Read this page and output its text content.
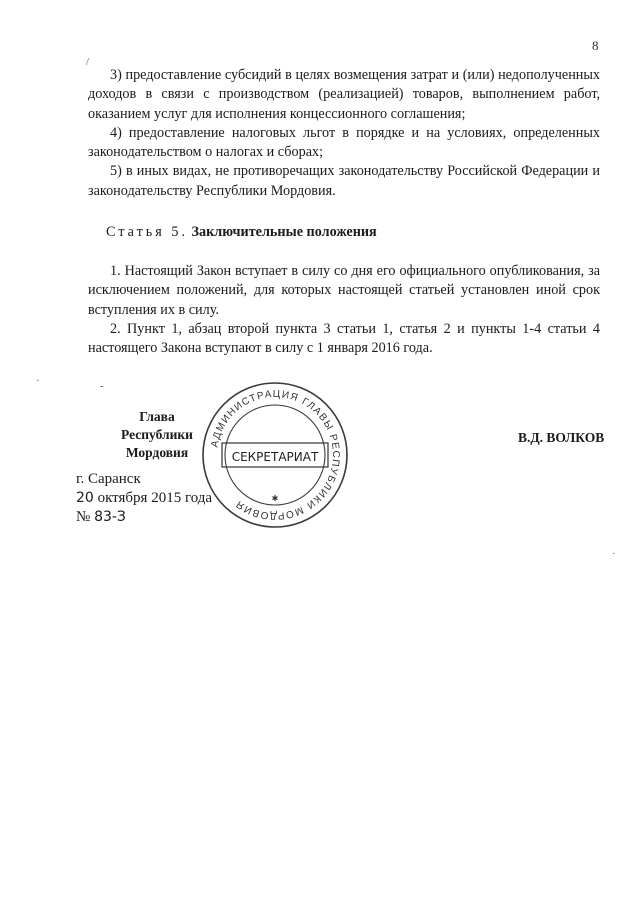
8
/

3) предоставление субсидий в целях возмещения затрат и (или) недополученных доходов в связи с производством (реализацией) товаров, выполнением работ, оказанием услуг для исполнения концессионного соглашения;

4) предоставление налоговых льгот в порядке и на условиях, определенных законодательством о налогах и сборах;

5) в иных видах, не противоречащих законодательству Российской Федерации и законодательству Республики Мордовия.

Статья 5. Заключительные положения

1. Настоящий Закон вступает в силу со дня его официального опубликования, за исключением положений, для которых настоящей статьей установлен иной срок вступления их в силу.

2. Пункт 1, абзац второй пункта 3 статьи 1, статья 2 и пункты 1-4 статьи 4 настоящего Закона вступают в силу с 1 января 2016 года.

Глава
Республики Мордовия
АДМИНИСТРАЦИЯ ГЛАВЫ РЕСПУБЛИКИ МОРДОВИЯ
СЕКРЕТАРИАТ
✱
В.Д. ВОЛКОВ
г. Саранск
20 октября 2015 года
№ 83-З
-
·
·
